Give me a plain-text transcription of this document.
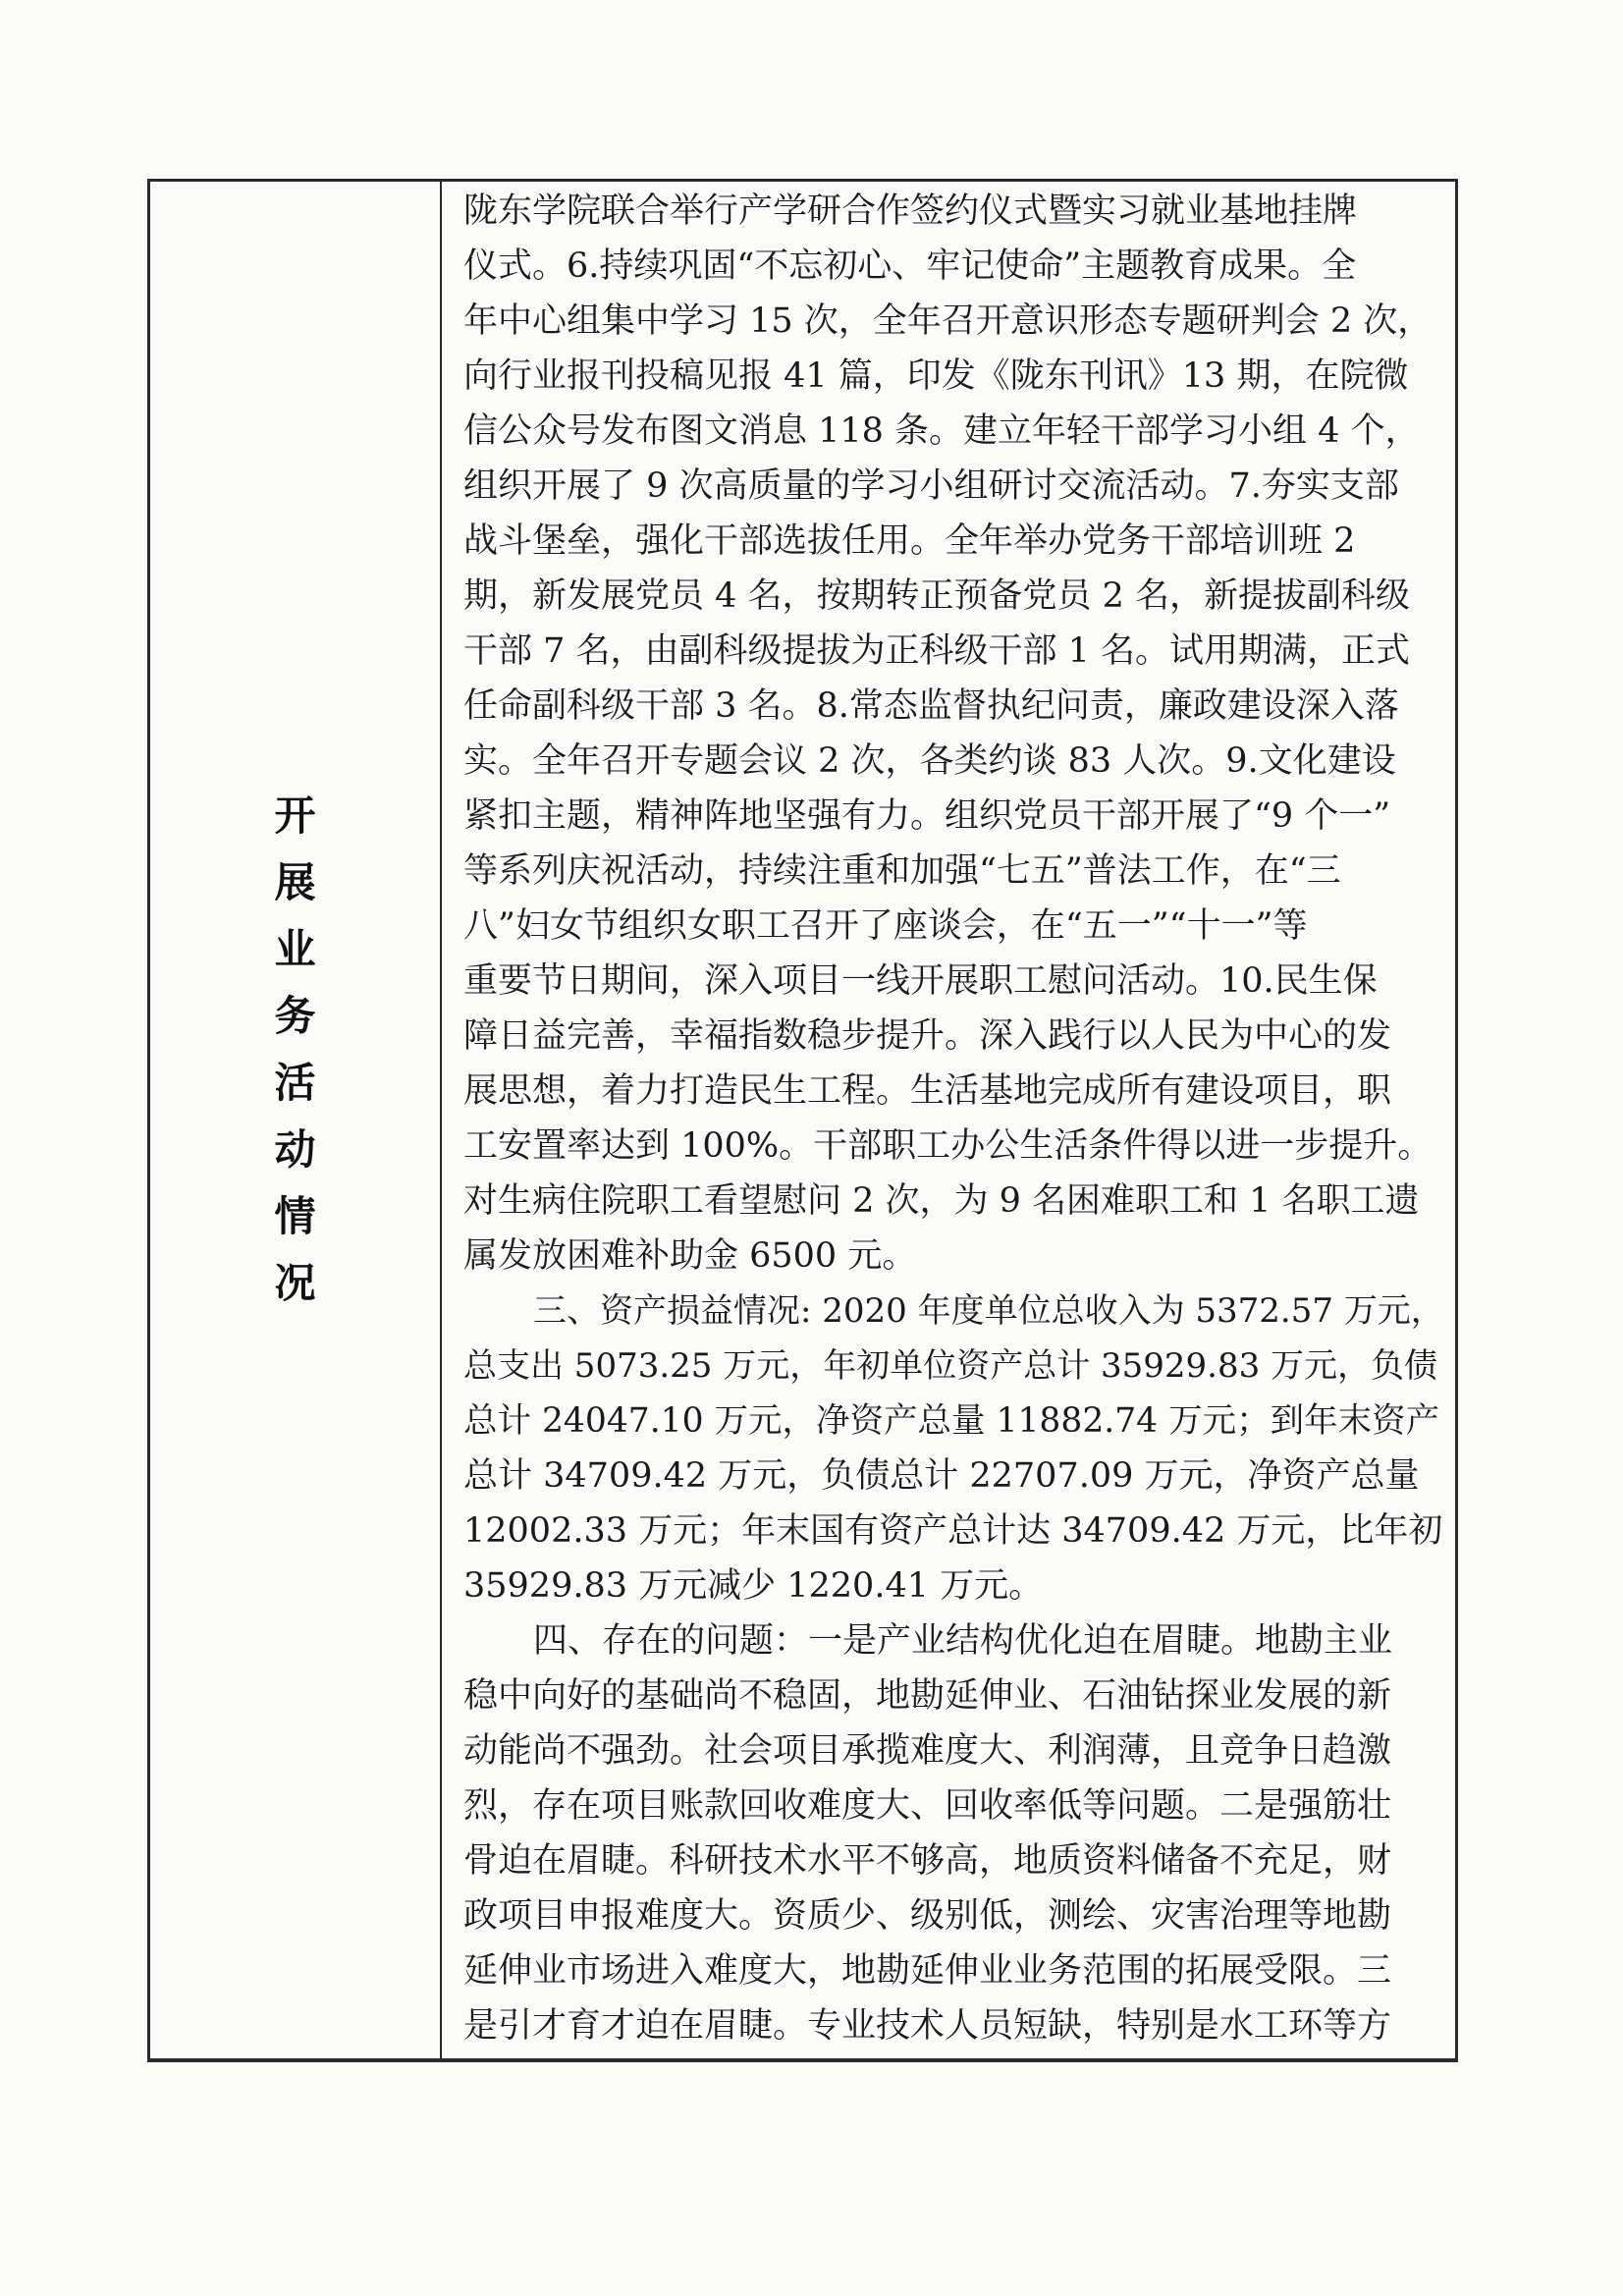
开
展
业
务
活
动
情
况
陇东学院联合举行产学研合作签约仪式暨实习就业基地挂牌
仪式。6.持续巩固“不忘初心、牢记使命”主题教育成果。全
年中心组集中学习 15 次，全年召开意识形态专题研判会 2 次，
向行业报刊投稿见报 41 篇，印发《陇东刊讯》13 期，在院微
信公众号发布图文消息 118 条。建立年轻干部学习小组 4 个，
组织开展了 9 次高质量的学习小组研讨交流活动。7.夯实支部
战斗堡垒，强化干部选拔任用。全年举办党务干部培训班 2
期，新发展党员 4 名，按期转正预备党员 2 名，新提拔副科级
干部 7 名，由副科级提拔为正科级干部 1 名。试用期满，正式
任命副科级干部 3 名。8.常态监督执纪问责，廉政建设深入落
实。全年召开专题会议 2 次，各类约谈 83 人次。9.文化建设
紧扣主题，精神阵地坚强有力。组织党员干部开展了“9 个一”
等系列庆祝活动，持续注重和加强“七五”普法工作，在“三
八”妇女节组织女职工召开了座谈会，在“五一”“十一”等
重要节日期间，深入项目一线开展职工慰问活动。10.民生保
障日益完善，幸福指数稳步提升。深入践行以人民为中心的发
展思想，着力打造民生工程。生活基地完成所有建设项目，职
工安置率达到 100%。干部职工办公生活条件得以进一步提升。
对生病住院职工看望慰问 2 次，为 9 名困难职工和 1 名职工遗
属发放困难补助金 6500 元。
三、资产损益情况: 2020 年度单位总收入为 5372.57 万元，
总支出 5073.25 万元，年初单位资产总计 35929.83 万元，负债
总计 24047.10 万元，净资产总量 11882.74 万元；到年末资产
总计 34709.42 万元，负债总计 22707.09 万元，净资产总量
12002.33 万元；年末国有资产总计达 34709.42 万元，比年初
35929.83 万元减少 1220.41 万元。
四、存在的问题：一是产业结构优化迫在眉睫。地勘主业
稳中向好的基础尚不稳固，地勘延伸业、石油钻探业发展的新
动能尚不强劲。社会项目承揽难度大、利润薄，且竞争日趋激
烈，存在项目账款回收难度大、回收率低等问题。二是强筋壮
骨迫在眉睫。科研技术水平不够高，地质资料储备不充足，财
政项目申报难度大。资质少、级别低，测绘、灾害治理等地勘
延伸业市场进入难度大，地勘延伸业业务范围的拓展受限。三
是引才育才迫在眉睫。专业技术人员短缺，特别是水工环等方
